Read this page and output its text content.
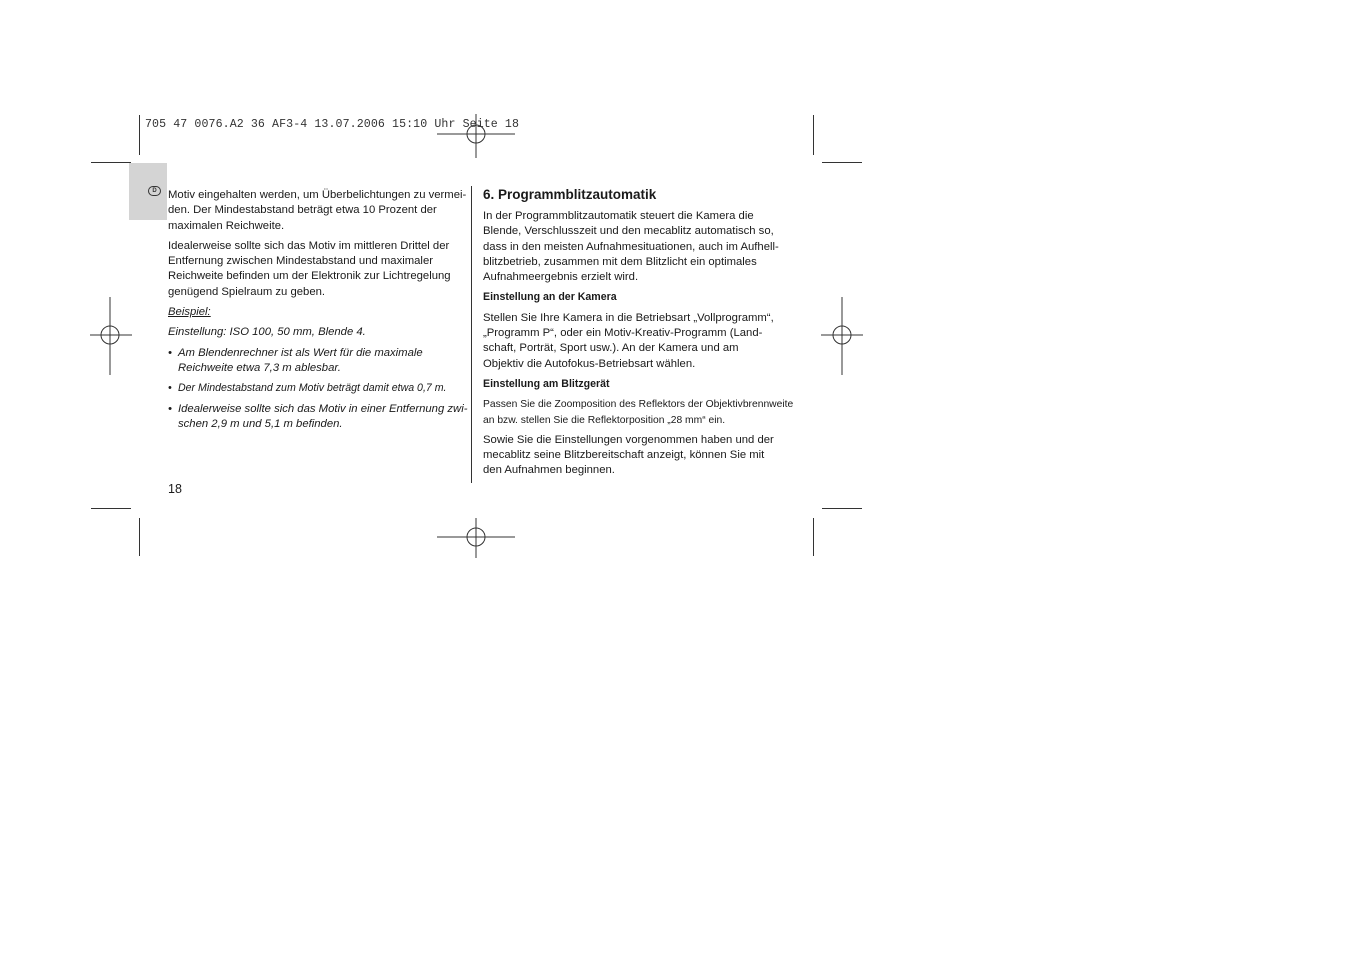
705 47 0076.A2 36 AF3-4 13.07.2006 15:10 Uhr Seite 18
D	Motiv eingehalten werden, um Überbelichtungen zu vermei-
den. Der Mindestabstand beträgt etwa 10 Prozent der
maximalen Reichweite.

Idealerweise sollte sich das Motiv im mittleren Drittel der
Entfernung zwischen Mindestabstand und maximaler
Reichweite befinden um der Elektronik zur Lichtregelung
genügend Spielraum zu geben.

Beispiel:

Einstellung: ISO 100, 50 mm, Blende 4.

• Am Blendenrechner ist als Wert für die maximale
Reichweite etwa 7,3 m ablesbar.

• Der Mindestabstand zum Motiv beträgt damit etwa 0,7 m.

• Idealerweise sollte sich das Motiv in einer Entfernung zwi-
schen 2,9 m und 5,1 m befinden.

6. Programmblitzautomatik

In der Programmblitzautomatik steuert die Kamera die
Blende, Verschlusszeit und den mecablitz automatisch so,
dass in den meisten Aufnahmesituationen, auch im Aufhell-
blitzbetrieb, zusammen mit dem Blitzlicht ein optimales
Aufnahmeergebnis erzielt wird.

Einstellung an der Kamera

Stellen Sie Ihre Kamera in die Betriebsart „Vollprogramm“,
„Programm P“, oder ein Motiv-Kreativ-Programm (Land-
schaft, Porträt, Sport usw.). An der Kamera und am
Objektiv die Autofokus-Betriebsart wählen.

Einstellung am Blitzgerät

Passen Sie die Zoomposition des Reflektors der Objektivbrennweite
an bzw. stellen Sie die Reflektorposition „28 mm“ ein.

Sowie Sie die Einstellungen vorgenommen haben und der
mecablitz seine Blitzbereitschaft anzeigt, können Sie mit
den Aufnahmen beginnen.

18
